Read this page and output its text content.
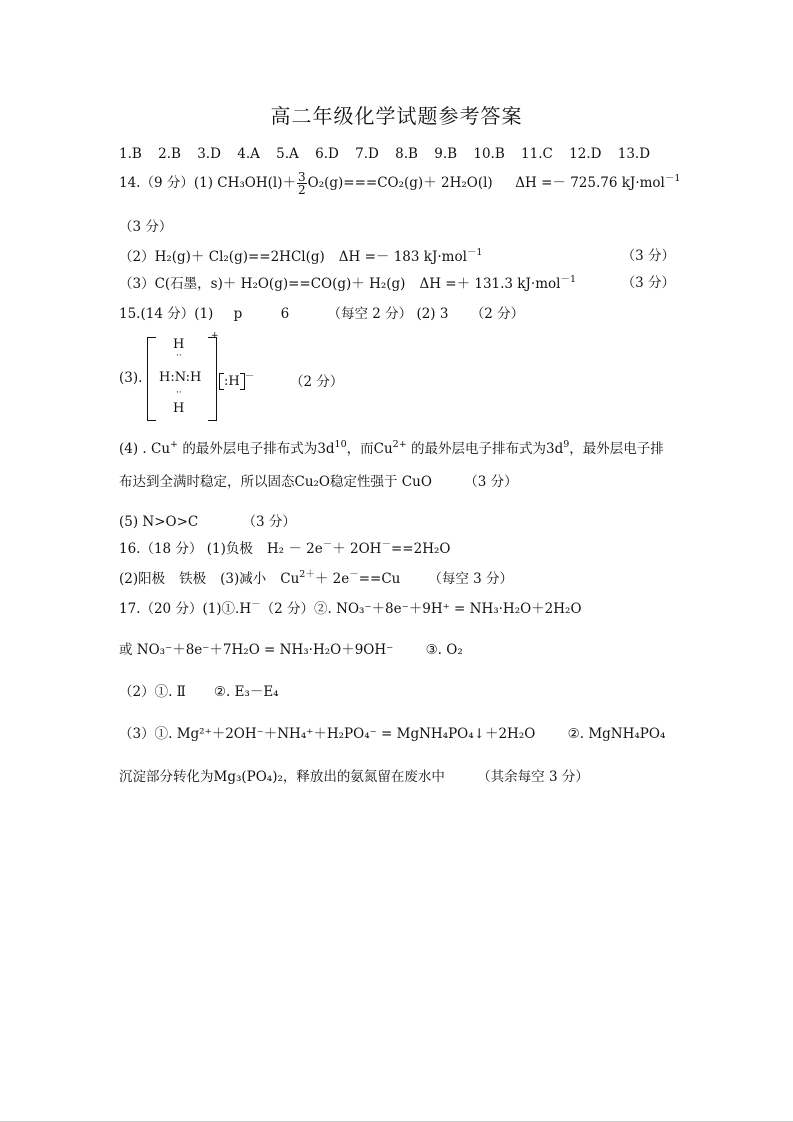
高二年级化学试题参考答案
1.B 2.B 3.D 4.A 5.A 6.D 7.D 8.B 9.B 10.B 11.C 12.D 13.D
14.（9 分）(1) $CH_3OH(l)+ \frac{3}{2} O_2(g)===CO_2(g)+ 2H_2O(l) \Delta H =- 725.76$ kJ·mol$^{-1}$
（3 分）
（2）H₂(g)＋ Cl₂(g)==2HCl(g) ΔH =－ 183 kJ·mol$^{-1}$	（3 分）
（3）C(石墨，s)＋ H₂O(g)==CO(g)＋ H₂(g) ΔH =＋ 131.3 kJ·mol$^{-1}$	（3 分）
15.(14 分）(1) p	6	（每空 2 分） (2) 3 （2 分）
(3).
H
··
H:N:H
··
H
+
:H －	（2 分）
(4) . Cu+ 的最外层电子排布式为$3d^{10}$，而$Cu^{2+}$ 的最外层电子排布式为$3d^9$，最外层电子排
布达到全满时稳定，所以固态Cu₂O稳定性强于 CuO （3 分）
(5) N>O>C	（3 分）
16.（18 分） (1)负极 H₂ － 2e－＋ 2OH－==2H₂O
(2)阳极 铁极 (3)减小 $Cu^{2+}+ 2e^-==Cu$ （每空 3 分）
17.（20 分）(1)①.H－（2 分）②. NO₃⁻＋8e⁻＋9H⁺ = NH₃·H₂O＋2H₂O
或 NO₃⁻＋8e⁻＋7H₂O = NH₃·H₂O＋9OH⁻ ③. O₂
（2）①. Ⅱ ②. E₃－E₄
（3）①. Mg²⁺＋2OH⁻＋NH₄⁺＋H₂PO₄⁻ = MgNH₄PO₄↓＋2H₂O ②. MgNH₄PO₄
沉淀部分转化为Mg₃(PO₄)₂，释放出的氨氮留在废水中 （其余每空 3 分）
